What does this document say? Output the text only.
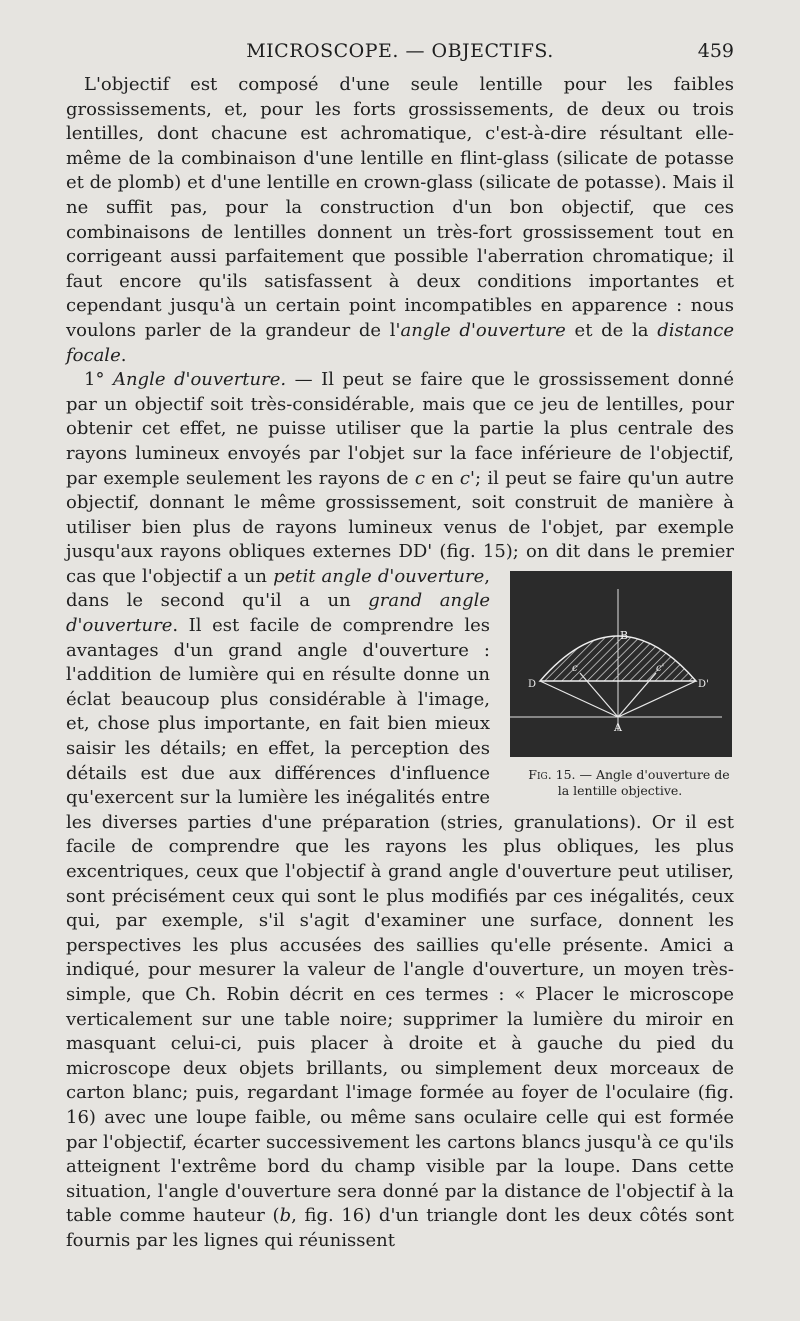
MICROSCOPE. — OBJECTIFS.	459

L'objectif est composé d'une seule lentille pour les faibles grossissements, et, pour les forts grossissements, de deux ou trois lentilles, dont chacune est achromatique, c'est-à-dire résultant elle-même de la combinaison d'une lentille en flint-glass (silicate de potasse et de plomb) et d'une lentille en crown-glass (silicate de potasse). Mais il ne suffit pas, pour la construction d'un bon objectif, que ces combinaisons de lentilles donnent un très-fort grossissement tout en corrigeant aussi parfaitement que possible l'aberration chromatique; il faut encore qu'ils satisfassent à deux conditions importantes et cependant jusqu'à un certain point incompatibles en apparence : nous voulons parler de la grandeur de l'angle d'ouverture et de la distance focale.

1° Angle d'ouverture. — Il peut se faire que le grossissement donné par un objectif soit très-considérable, mais que ce jeu de lentilles, pour obtenir cet effet, ne puisse utiliser que la partie la plus centrale des rayons lumineux envoyés par l'objet sur la face inférieure de l'objectif, par exemple seulement les rayons de c en c'; il peut se faire qu'un autre objectif, donnant le même grossissement, soit construit de manière à utiliser bien plus de rayons lumineux venus de l'objet, par exemple jusqu'aux rayons obliques externes DD' (fig. 15); on dit dans le premier cas que l'objectif a un
B
c	c'
D	D'
A
Fig. 15. — Angle d'ouverture de la lentille objective.
petit angle d'ouverture, dans le second qu'il a un grand angle d'ouverture. Il est facile de comprendre les avantages d'un grand angle d'ouverture : l'addition de lumière qui en résulte donne un éclat beaucoup plus considérable à l'image, et, chose plus importante, en fait bien mieux saisir les détails; en effet, la perception des détails est due aux différences d'influence qu'exercent sur la lumière les inégalités entre les diverses parties d'une préparation (stries, granulations). Or il est facile de comprendre que les rayons les plus obliques, les plus excentriques, ceux que l'objectif à grand angle d'ouverture peut utiliser, sont précisément ceux qui sont le plus modifiés par ces inégalités, ceux qui, par exemple, s'il s'agit d'examiner une surface, donnent les perspectives les plus accusées des saillies qu'elle présente. Amici a indiqué, pour mesurer la valeur de l'angle d'ouverture, un moyen très-simple, que Ch. Robin décrit en ces termes : « Placer le microscope verticalement sur une table noire; supprimer la lumière du miroir en masquant celui-ci, puis placer à droite et à gauche du pied du microscope deux objets brillants, ou simplement deux morceaux de carton blanc; puis, regardant l'image formée au foyer de l'oculaire (fig. 16) avec une loupe faible, ou même sans oculaire celle qui est formée par l'objectif, écarter successivement les cartons blancs jusqu'à ce qu'ils atteignent l'extrême bord du champ visible par la loupe. Dans cette situation, l'angle d'ouverture sera donné par la distance de l'objectif à la table comme hauteur (b, fig. 16) d'un triangle dont les deux côtés sont fournis par les lignes qui réunissent
